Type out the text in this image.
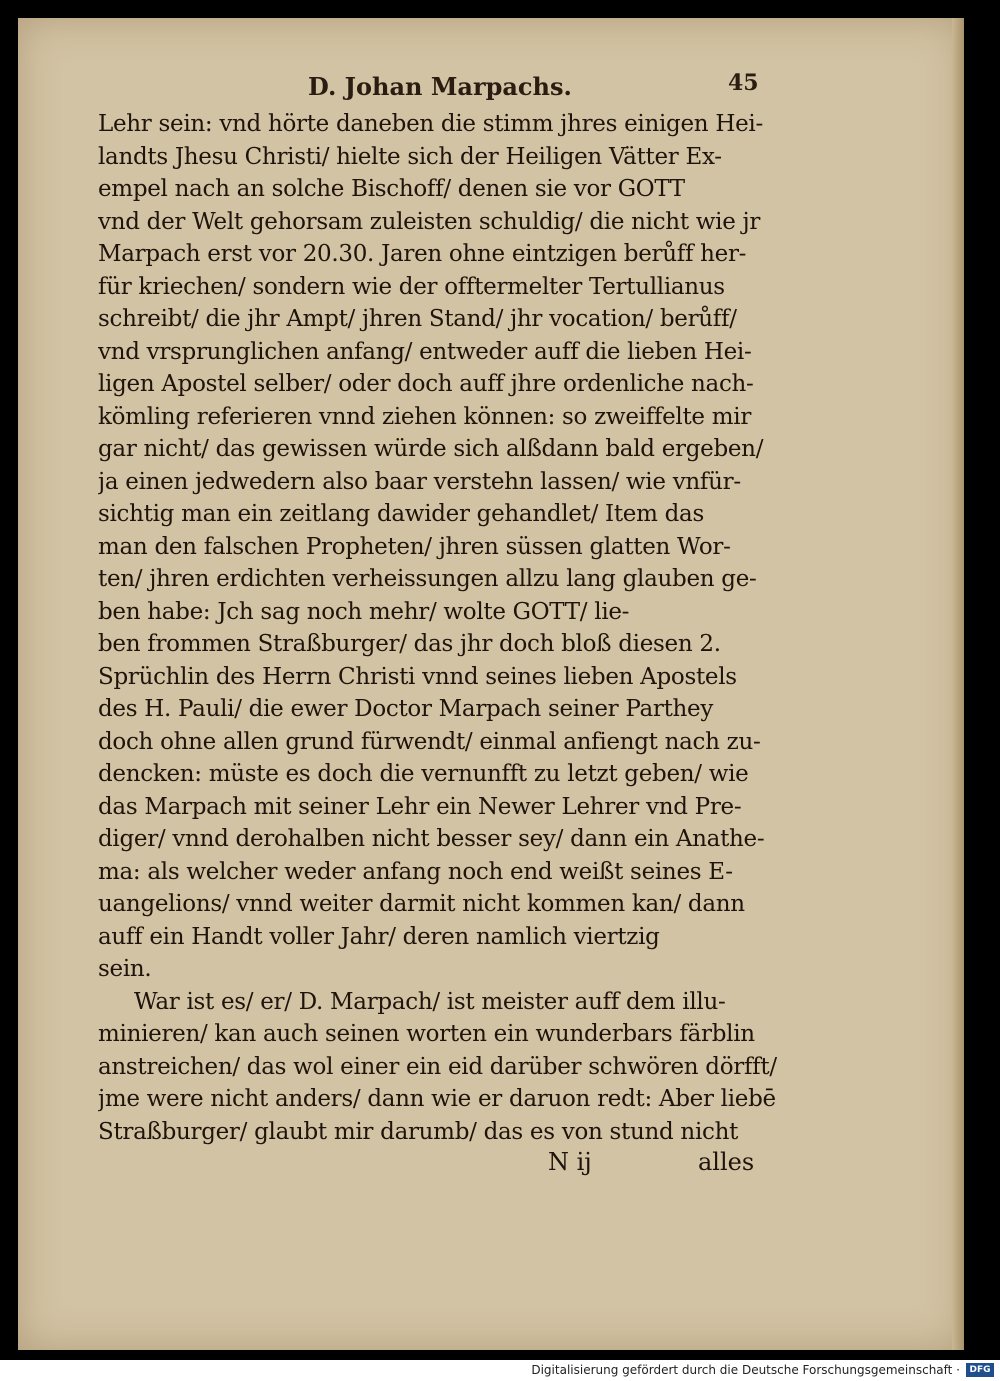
D. Johan Marpachs.	45
Lehr sein: vnd hörte daneben die stimm jhres einigen Hei-
landts Jhesu Christi/ hielte sich der Heiligen Vätter Ex-
empel nach an solche Bischoff/ denen sie vor GOTT
vnd der Welt gehorsam zuleisten schuldig/ die nicht wie jr
Marpach erst vor 20.30. Jaren ohne eintzigen berůff her-
für kriechen/ sondern wie der offtermelter Tertullianus
schreibt/ die jhr Ampt/ jhren Stand/ jhr vocation/ berůff/
vnd vrsprunglichen anfang/ entweder auff die lieben Hei-
ligen Apostel selber/ oder doch auff jhre ordenliche nach-
kömling referieren vnnd ziehen können: so zweiffelte mir
gar nicht/ das gewissen würde sich alßdann bald ergeben/
ja einen jedwedern also baar verstehn lassen/ wie vnfür-
sichtig man ein zeitlang dawider gehandlet/ Item das
man den falschen Propheten/ jhren süssen glatten Wor-
ten/ jhren erdichten verheissungen allzu lang glauben ge-
ben habe: Jch sag noch mehr/ wolte GOTT/ lie-
ben frommen Straßburger/ das jhr doch bloß diesen 2.
Sprüchlin des Herrn Christi vnnd seines lieben Apostels
des H. Pauli/ die ewer Doctor Marpach seiner Parthey
doch ohne allen grund fürwendt/ einmal anfiengt nach zu-
dencken: müste es doch die vernunfft zu letzt geben/ wie
das Marpach mit seiner Lehr ein Newer Lehrer vnd Pre-
diger/ vnnd derohalben nicht besser sey/ dann ein Anathe-
ma: als welcher weder anfang noch end weißt seines E-
uangelions/ vnnd weiter darmit nicht kommen kan/ dann
auff ein Handt voller Jahr/ deren namlich viertzig
sein.
War ist es/ er/ D. Marpach/ ist meister auff dem illu-
minieren/ kan auch seinen worten ein wunderbars färblin
anstreichen/ das wol einer ein eid darüber schwören dörfft/
jme were nicht anders/ dann wie er daruon redt: Aber liebē
Straßburger/ glaubt mir darumb/ das es von stund nicht
N ij	alles
Digitalisierung gefördert durch die Deutsche Forschungsgemeinschaft ·	DFG
